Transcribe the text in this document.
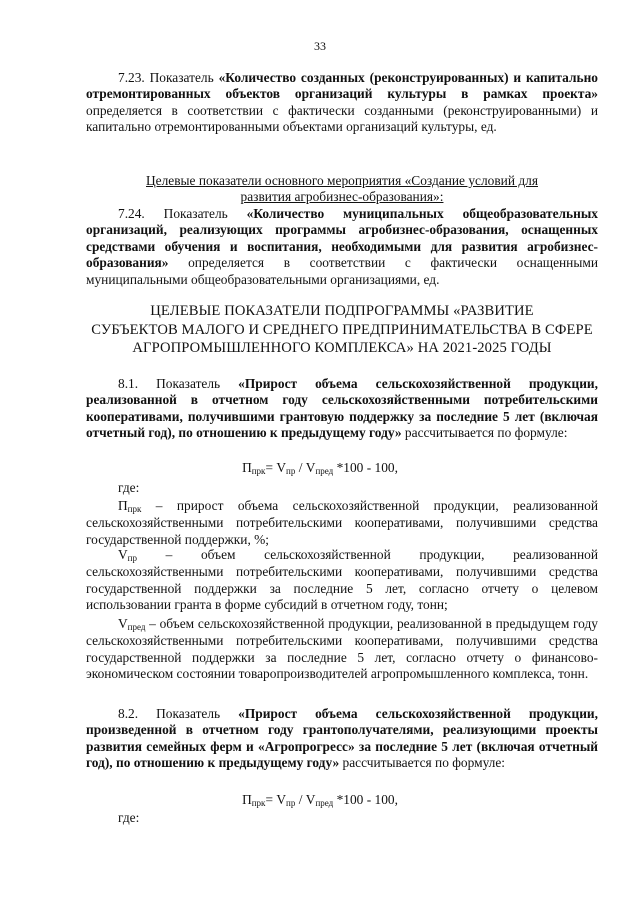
33
7.23. Показатель «Количество созданных (реконструированных) и капитально отремонтированных объектов организаций культуры в рамках проекта» определяется в соответствии с фактически созданными (реконструированными) и капитально отремонтированными объектами организаций культуры, ед.
Целевые показатели основного мероприятия «Создание условий для
развития агробизнес-образования»:
7.24. Показатель «Количество муниципальных общеобразовательных организаций, реализующих программы агробизнес-образования, оснащенных средствами обучения и воспитания, необходимыми для развития агробизнес-образования» определяется в соответствии с фактически оснащенными муниципальными общеобразовательными организациями, ед.
ЦЕЛЕВЫЕ ПОКАЗАТЕЛИ ПОДПРОГРАММЫ «РАЗВИТИЕ
СУБЪЕКТОВ МАЛОГО И СРЕДНЕГО ПРЕДПРИНИМАТЕЛЬСТВА В СФЕРЕ
АГРОПРОМЫШЛЕННОГО КОМПЛЕКСА» НА 2021-2025 ГОДЫ
8.1. Показатель «Прирост объема сельскохозяйственной продукции, реализованной в отчетном году сельскохозяйственными потребительскими кооперативами, получившими грантовую поддержку за последние 5 лет (включая отчетный год), по отношению к предыдущему году» рассчитывается по формуле:
$П_{прк}= V_{пр} / V_{пред}$ *100 - 100,
где:
$П_{прк}$ – прирост объема сельскохозяйственной продукции, реализованной сельскохозяйственными потребительскими кооперативами, получившими средства государственной поддержки, %;
$V_{пр}$ – объем сельскохозяйственной продукции, реализованной сельскохозяйственными потребительскими кооперативами, получившими средства государственной поддержки за последние 5 лет, согласно отчету о целевом использовании гранта в форме субсидий в отчетном году, тонн;
$V_{пред}$ – объем сельскохозяйственной продукции, реализованной в предыдущем году сельскохозяйственными потребительскими кооперативами, получившими средства государственной поддержки за последние 5 лет, согласно отчету о финансово-экономическом состоянии товаропроизводителей агропромышленного комплекса, тонн.
8.2. Показатель «Прирост объема сельскохозяйственной продукции, произведенной в отчетном году грантополучателями, реализующими проекты развития семейных ферм и «Агропрогресс» за последние 5 лет (включая отчетный год), по отношению к предыдущему году» рассчитывается по формуле:
$П_{прк}= V_{пр} / V_{пред}$ *100 - 100,
где:
